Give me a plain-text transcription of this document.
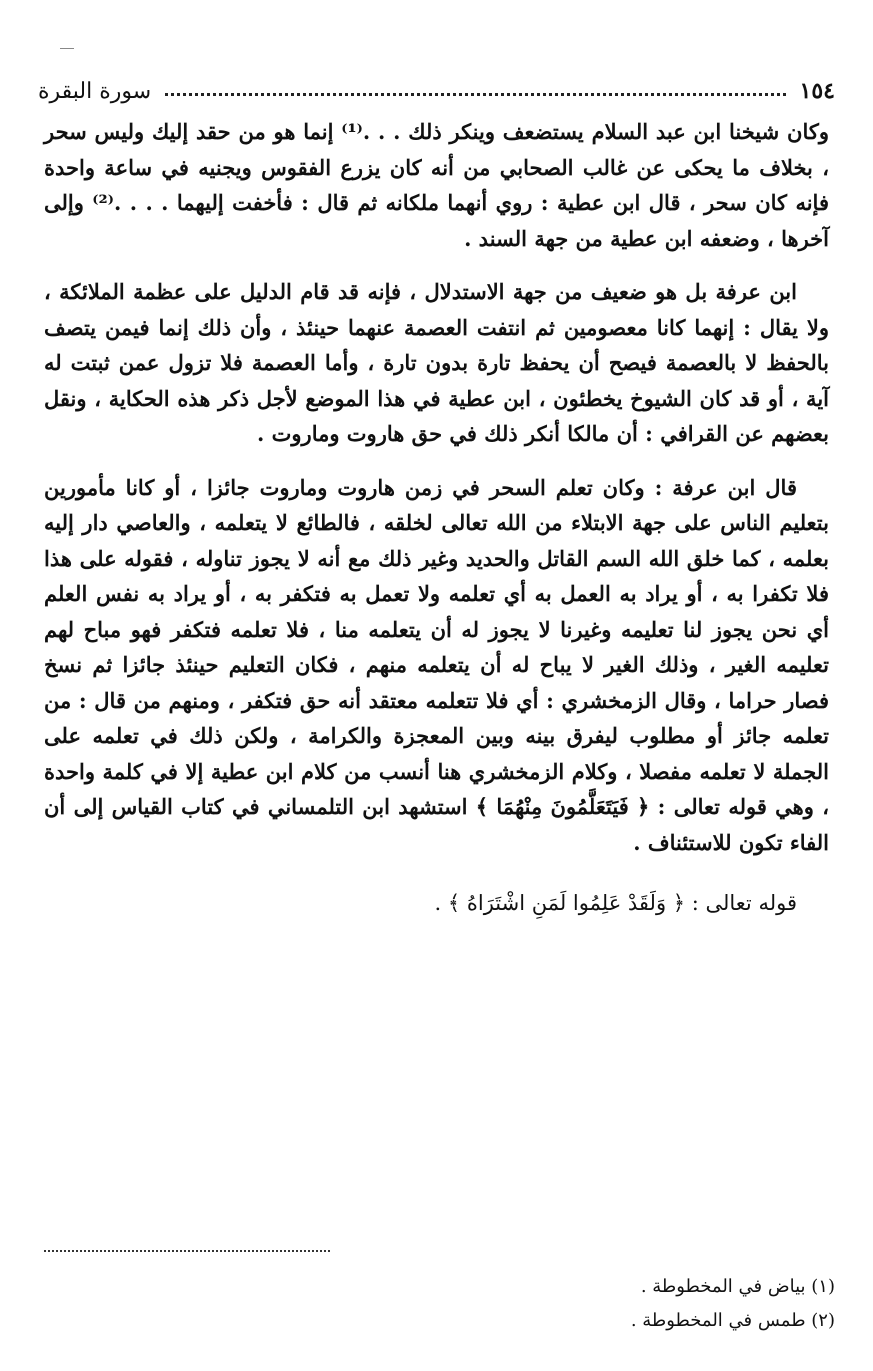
١٥٤
سورة البقرة

وكان شيخنا ابن عبد السلام يستضعف وينكر ذلك . . .⁽¹⁾ إنما هو من حقد إليك وليس سحر ، بخلاف ما يحكى عن غالب الصحابي من أنه كان يزرع الفقوس ويجنيه في ساعة واحدة فإنه كان سحر ، قال ابن عطية : روي أنهما ملكانه ثم قال : فأخفت إليهما . . . .⁽²⁾ وإلى آخرها ، وضعفه ابن عطية من جهة السند .

ابن عرفة بل هو ضعيف من جهة الاستدلال ، فإنه قد قام الدليل على عظمة الملائكة ، ولا يقال : إنهما كانا معصومين ثم انتفت العصمة عنهما حينئذ ، وأن ذلك إنما فيمن يتصف بالحفظ لا بالعصمة فيصح أن يحفظ تارة بدون تارة ، وأما العصمة فلا تزول عمن ثبتت له آية ، أو قد كان الشيوخ يخطئون ، ابن عطية في هذا الموضع لأجل ذكر هذه الحكاية ، ونقل بعضهم عن القرافي : أن مالكا أنكر ذلك في حق هاروت وماروت .

قال ابن عرفة : وكان تعلم السحر في زمن هاروت وماروت جائزا ، أو كانا مأمورين بتعليم الناس على جهة الابتلاء من الله تعالى لخلقه ، فالطائع لا يتعلمه ، والعاصي دار إليه بعلمه ، كما خلق الله السم القاتل والحديد وغير ذلك مع أنه لا يجوز تناوله ، فقوله على هذا فلا تكفرا به ، أو يراد به العمل به أي تعلمه ولا تعمل به فتكفر به ، أو يراد به نفس العلم أي نحن يجوز لنا تعليمه وغيرنا لا يجوز له أن يتعلمه منا ، فلا تعلمه فتكفر فهو مباح لهم تعليمه الغير ، وذلك الغير لا يباح له أن يتعلمه منهم ، فكان التعليم حينئذ جائزا ثم نسخ فصار حراما ، وقال الزمخشري : أي فلا تتعلمه معتقد أنه حق فتكفر ، ومنهم من قال : من تعلمه جائز أو مطلوب ليفرق بينه وبين المعجزة والكرامة ، ولكن ذلك في تعلمه على الجملة لا تعلمه مفصلا ، وكلام الزمخشري هنا أنسب من كلام ابن عطية إلا في كلمة واحدة ، وهي قوله تعالى : ﴿ فَيَتَعَلَّمُونَ مِنْهُمَا ﴾ استشهد ابن التلمساني في كتاب القياس إلى أن الفاء تكون للاستئناف .

قوله تعالى : ﴿ وَلَقَدْ عَلِمُوا لَمَنِ اشْتَرَاهُ ﴾ .

(١) بياض في المخطوطة .
(٢) طمس في المخطوطة .
